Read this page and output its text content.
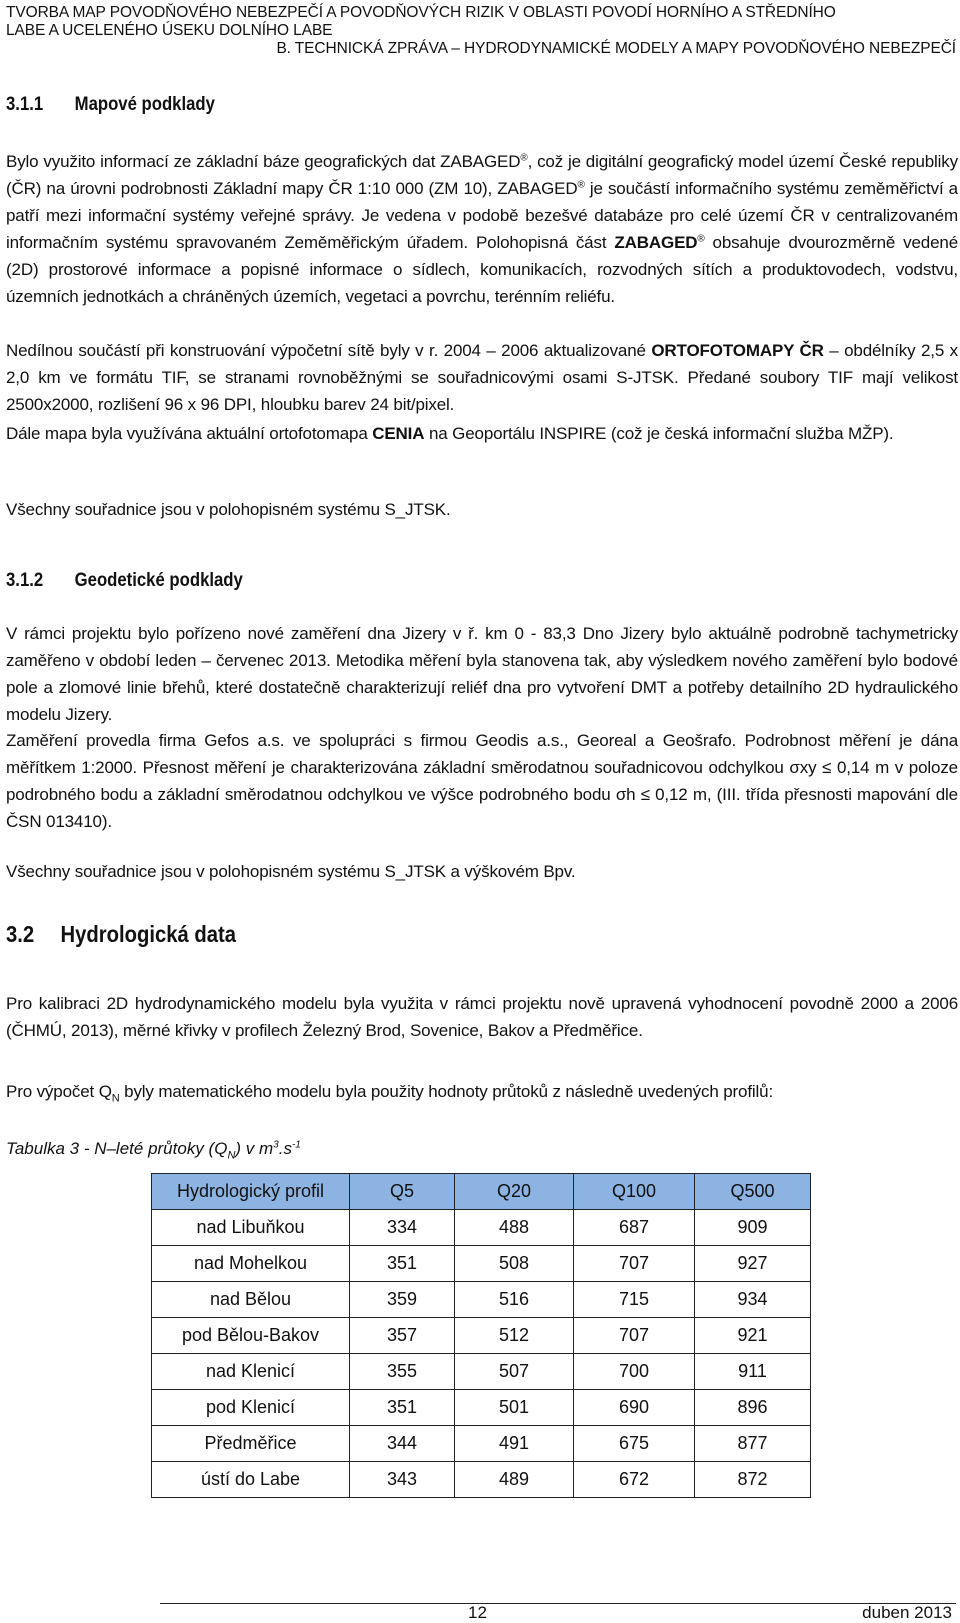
TVORBA MAP POVODŇOVÉHO NEBEZPEČÍ A POVODŇOVÝCH RIZIK V OBLASTI POVODÍ HORNÍHO A STŘEDNÍHO
LABE A UCELENÉHO ÚSEKU DOLNÍHO LABE
B. TECHNICKÁ ZPRÁVA – HYDRODYNAMICKÉ MODELY A MAPY POVODŇOVÉHO NEBEZPEČÍ
3.1.1 Mapové podklady
Bylo využito informací ze základní báze geografických dat ZABAGED®, což je digitální geografický model území České republiky (ČR) na úrovni podrobnosti Základní mapy ČR 1:10 000 (ZM 10), ZABAGED® je součástí informačního systému zeměměřictví a patří mezi informační systémy veřejné správy. Je vedena v podobě bezešvé databáze pro celé území ČR v centralizovaném informačním systému spravovaném Zeměměřickým úřadem. Polohopisná část ZABAGED® obsahuje dvourozměrně vedené (2D) prostorové informace a popisné informace o sídlech, komunikacích, rozvodných sítích a produktovodech, vodstvu, územních jednotkách a chráněných územích, vegetaci a povrchu, terénním reliéfu.
Nedílnou součástí při konstruování výpočetní sítě byly v r. 2004 – 2006 aktualizované ORTOFOTOMAPY ČR – obdélníky 2,5 x 2,0 km ve formátu TIF, se stranami rovnoběžnými se souřadnicovými osami S-JTSK. Předané soubory TIF mají velikost 2500x2000, rozlišení 96 x 96 DPI, hloubku barev 24 bit/pixel.
Dále mapa byla využívána aktuální ortofotomapa CENIA na Geoportálu INSPIRE (což je česká informační služba MŽP).
Všechny souřadnice jsou v polohopisném systému S_JTSK.
3.1.2 Geodetické podklady
V rámci projektu bylo pořízeno nové zaměření dna Jizery v ř. km 0 - 83,3 Dno Jizery bylo aktuálně podrobně tachymetricky zaměřeno v období leden – červenec 2013. Metodika měření byla stanovena tak, aby výsledkem nového zaměření bylo bodové pole a zlomové linie břehů, které dostatečně charakterizují reliéf dna pro vytvoření DMT a potřeby detailního 2D hydraulického modelu Jizery.
Zaměření provedla firma Gefos a.s. ve spolupráci s firmou Geodis a.s., Georeal a Geošrafo. Podrobnost měření je dána měřítkem 1:2000. Přesnost měření je charakterizována základní směrodatnou souřadnicovou odchylkou σxy ≤ 0,14 m v poloze podrobného bodu a základní směrodatnou odchylkou ve výšce podrobného bodu σh ≤ 0,12 m, (III. třída přesnosti mapování dle ČSN 013410).
Všechny souřadnice jsou v polohopisném systému S_JTSK a výškovém Bpv.
3.2 Hydrologická data
Pro kalibraci 2D hydrodynamického modelu byla využita v rámci projektu nově upravená vyhodnocení povodně 2000 a 2006 (ČHMÚ, 2013), měrné křivky v profilech Železný Brod, Sovenice, Bakov a Předměřice.
Pro výpočet $Q_N$ byly matematického modelu byla použity hodnoty průtoků z následně uvedených profilů:
Tabulka 3 - N–leté průtoky $(Q_N)$ v $m^3.s^{-1}$
Hydrologický profil	Q5	Q20	Q100	Q500
nad Libuňkou	334	488	687	909
nad Mohelkou	351	508	707	927
nad Bělou	359	516	715	934
pod Bělou-Bakov	357	512	707	921
nad Klenicí	355	507	700	911
pod Klenicí	351	501	690	896
Předměřice	344	491	675	877
ústí do Labe	343	489	672	872
12	duben 2013
